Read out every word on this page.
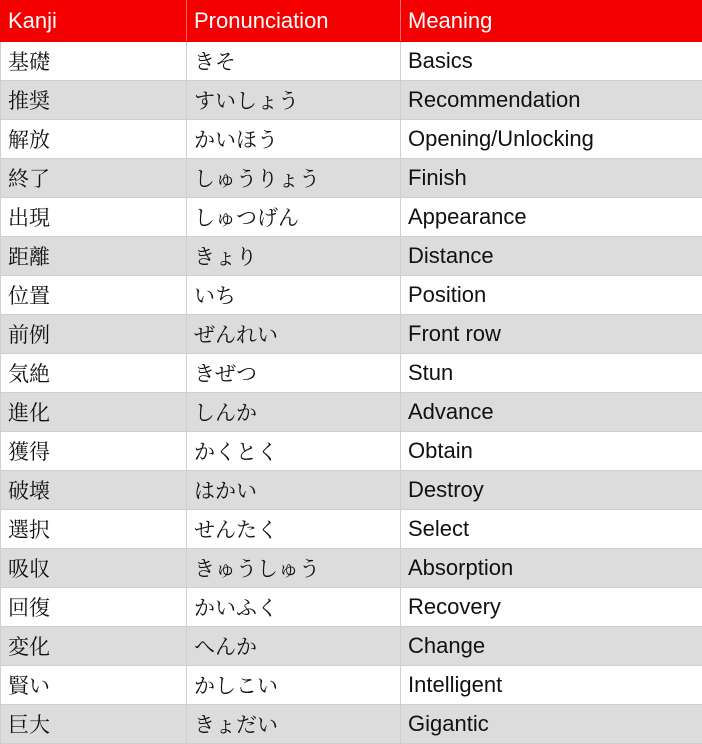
Kanji	Pronunciation	Meaning
基礎	きそ	Basics
推奨	すいしょう	Recommendation
解放	かいほう	Opening/Unlocking
終了	しゅうりょう	Finish
出現	しゅつげん	Appearance
距離	きょり	Distance
位置	いち	Position
前例	ぜんれい	Front row
気絶	きぜつ	Stun
進化	しんか	Advance
獲得	かくとく	Obtain
破壊	はかい	Destroy
選択	せんたく	Select
吸収	きゅうしゅう	Absorption
回復	かいふく	Recovery
変化	へんか	Change
賢い	かしこい	Intelligent
巨大	きょだい	Gigantic
